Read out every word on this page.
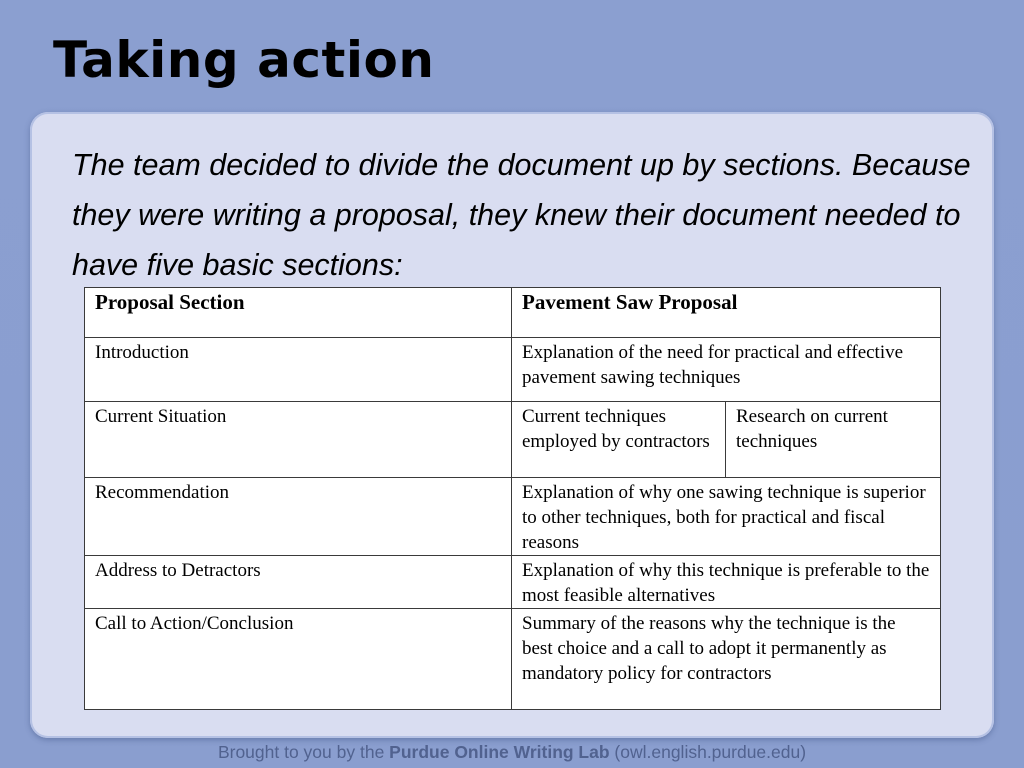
Taking action

The team decided to divide the document up by sections. Because they were writing a proposal, they knew their document needed to have five basic sections:

Proposal Section	Pavement Saw Proposal	
Introduction	Explanation of the need for practical and effective pavement sawing techniques	
Current Situation	Current techniques employed by contractors	Research on current techniques
Recommendation	Explanation of why one sawing technique is superior to other techniques, both for practical and fiscal reasons	
Address to Detractors	Explanation of why this technique is preferable to the most feasible alternatives	
Call to Action/Conclusion	Summary of the reasons why the technique is the best choice and a call to adopt it permanently as mandatory policy for contractors	
Brought to you by the Purdue Online Writing Lab (owl.english.purdue.edu)
